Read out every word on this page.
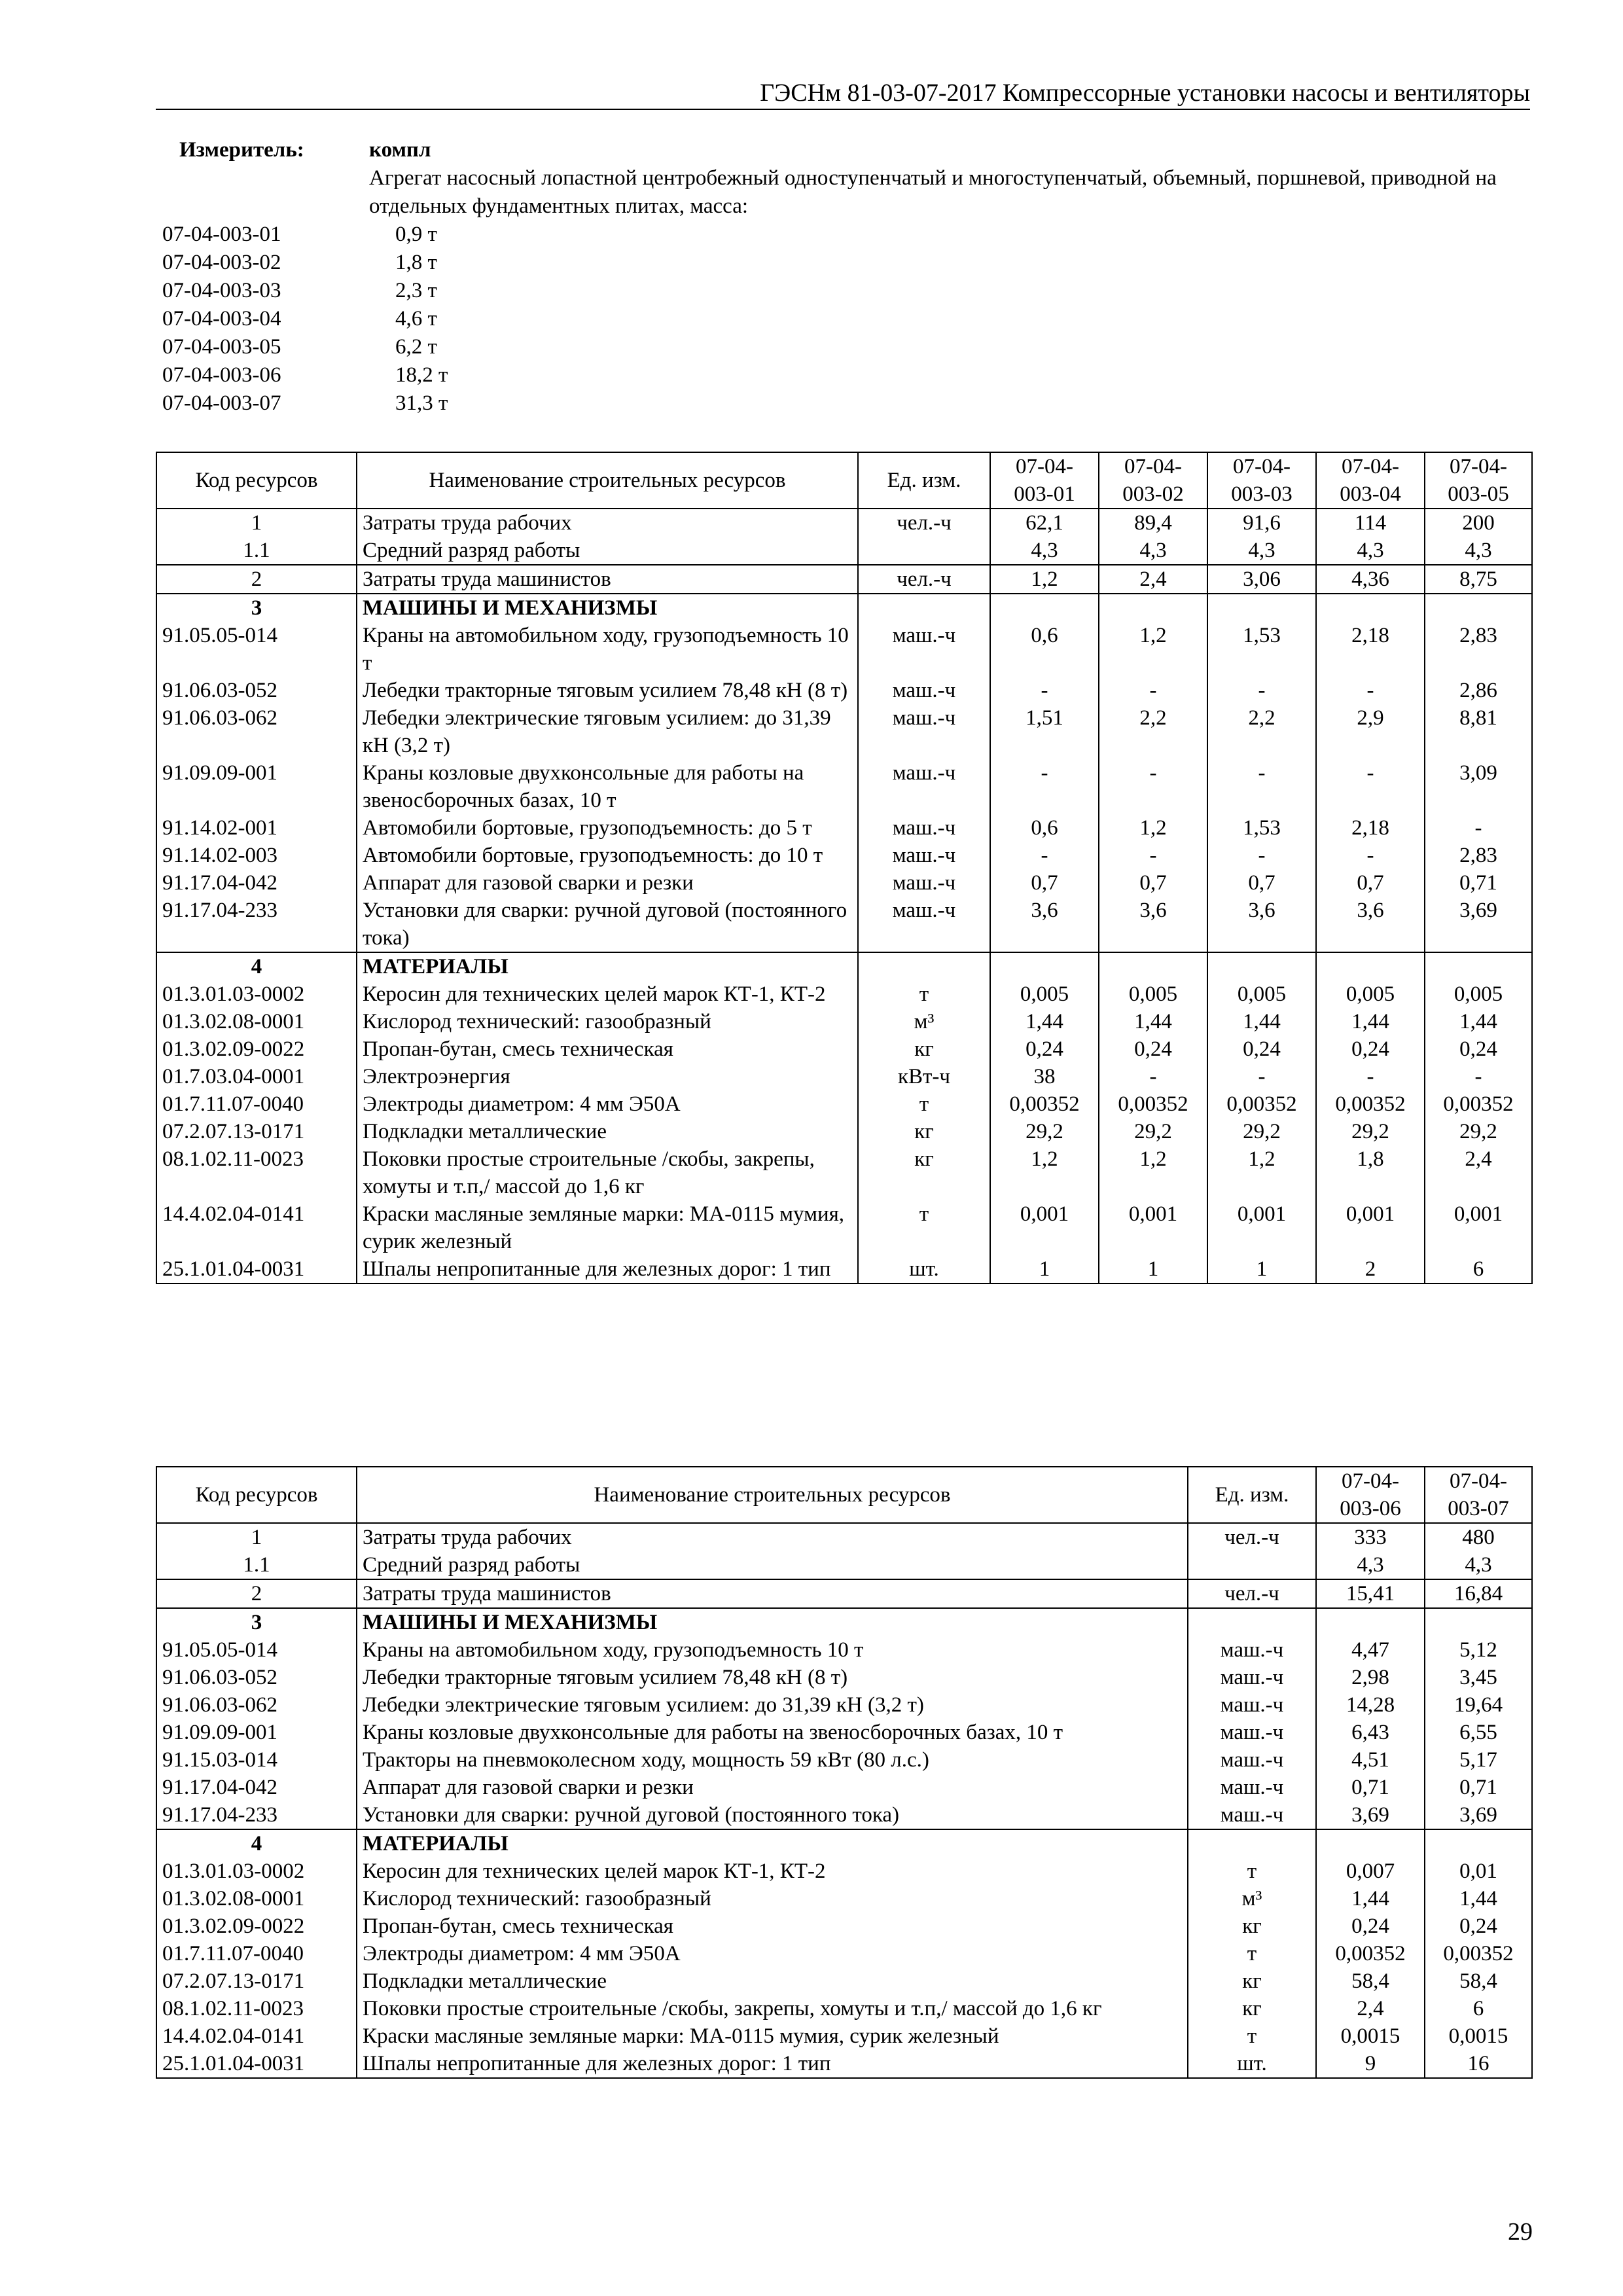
ГЭСНм 81-03-07-2017 Компрессорные установки насосы и вентиляторы
Измеритель:	компл
Агрегат насосный лопастной центробежный одноступенчатый и многоступенчатый, объемный, поршневой, приводной на отдельных фундаментных плитах, масса:
07-04-003-01	0,9 т
07-04-003-02	1,8 т
07-04-003-03	2,3 т
07-04-003-04	4,6 т
07-04-003-05	6,2 т
07-04-003-06	18,2 т
07-04-003-07	31,3 т
Код ресурсов	Наименование строительных ресурсов	Ед. изм.	07-04-003-01	07-04-003-02	07-04-003-03	07-04-003-04	07-04-003-05
1	Затраты труда рабочих	чел.-ч	62,1	89,4	91,6	114	200
1.1	Средний разряд работы		4,3	4,3	4,3	4,3	4,3
2	Затраты труда машинистов	чел.-ч	1,2	2,4	3,06	4,36	8,75
3	МАШИНЫ И МЕХАНИЗМЫ						
91.05.05-014	Краны на автомобильном ходу, грузоподъемность 10 т	маш.-ч	0,6	1,2	1,53	2,18	2,83
91.06.03-052	Лебедки тракторные тяговым усилием 78,48 кН (8 т)	маш.-ч	-	-	-	-	2,86
91.06.03-062	Лебедки электрические тяговым усилием: до 31,39 кН (3,2 т)	маш.-ч	1,51	2,2	2,2	2,9	8,81
91.09.09-001	Краны козловые двухконсольные для работы на звеносборочных базах, 10 т	маш.-ч	-	-	-	-	3,09
91.14.02-001	Автомобили бортовые, грузоподъемность: до 5 т	маш.-ч	0,6	1,2	1,53	2,18	-
91.14.02-003	Автомобили бортовые, грузоподъемность: до 10 т	маш.-ч	-	-	-	-	2,83
91.17.04-042	Аппарат для газовой сварки и резки	маш.-ч	0,7	0,7	0,7	0,7	0,71
91.17.04-233	Установки для сварки: ручной дуговой (постоянного тока)	маш.-ч	3,6	3,6	3,6	3,6	3,69
4	МАТЕРИАЛЫ						
01.3.01.03-0002	Керосин для технических целей марок КТ-1, КТ-2	т	0,005	0,005	0,005	0,005	0,005
01.3.02.08-0001	Кислород технический: газообразный	м³	1,44	1,44	1,44	1,44	1,44
01.3.02.09-0022	Пропан-бутан, смесь техническая	кг	0,24	0,24	0,24	0,24	0,24
01.7.03.04-0001	Электроэнергия	кВт-ч	38	-	-	-	-
01.7.11.07-0040	Электроды диаметром: 4 мм Э50А	т	0,00352	0,00352	0,00352	0,00352	0,00352
07.2.07.13-0171	Подкладки металлические	кг	29,2	29,2	29,2	29,2	29,2
08.1.02.11-0023	Поковки простые строительные /скобы, закрепы, хомуты и т.п,/ массой до 1,6 кг	кг	1,2	1,2	1,2	1,8	2,4
14.4.02.04-0141	Краски масляные земляные марки: МА-0115 мумия, сурик железный	т	0,001	0,001	0,001	0,001	0,001
25.1.01.04-0031	Шпалы непропитанные для железных дорог: 1 тип	шт.	1	1	1	2	6
Код ресурсов	Наименование строительных ресурсов	Ед. изм.	07-04-003-06	07-04-003-07
1	Затраты труда рабочих	чел.-ч	333	480
1.1	Средний разряд работы		4,3	4,3
2	Затраты труда машинистов	чел.-ч	15,41	16,84
3	МАШИНЫ И МЕХАНИЗМЫ			
91.05.05-014	Краны на автомобильном ходу, грузоподъемность 10 т	маш.-ч	4,47	5,12
91.06.03-052	Лебедки тракторные тяговым усилием 78,48 кН (8 т)	маш.-ч	2,98	3,45
91.06.03-062	Лебедки электрические тяговым усилием: до 31,39 кН (3,2 т)	маш.-ч	14,28	19,64
91.09.09-001	Краны козловые двухконсольные для работы на звеносборочных базах, 10 т	маш.-ч	6,43	6,55
91.15.03-014	Тракторы на пневмоколесном ходу, мощность 59 кВт (80 л.с.)	маш.-ч	4,51	5,17
91.17.04-042	Аппарат для газовой сварки и резки	маш.-ч	0,71	0,71
91.17.04-233	Установки для сварки: ручной дуговой (постоянного тока)	маш.-ч	3,69	3,69
4	МАТЕРИАЛЫ			
01.3.01.03-0002	Керосин для технических целей марок КТ-1, КТ-2	т	0,007	0,01
01.3.02.08-0001	Кислород технический: газообразный	м³	1,44	1,44
01.3.02.09-0022	Пропан-бутан, смесь техническая	кг	0,24	0,24
01.7.11.07-0040	Электроды диаметром: 4 мм Э50А	т	0,00352	0,00352
07.2.07.13-0171	Подкладки металлические	кг	58,4	58,4
08.1.02.11-0023	Поковки простые строительные /скобы, закрепы, хомуты и т.п,/ массой до 1,6 кг	кг	2,4	6
14.4.02.04-0141	Краски масляные земляные марки: МА-0115 мумия, сурик железный	т	0,0015	0,0015
25.1.01.04-0031	Шпалы непропитанные для железных дорог: 1 тип	шт.	9	16
29
